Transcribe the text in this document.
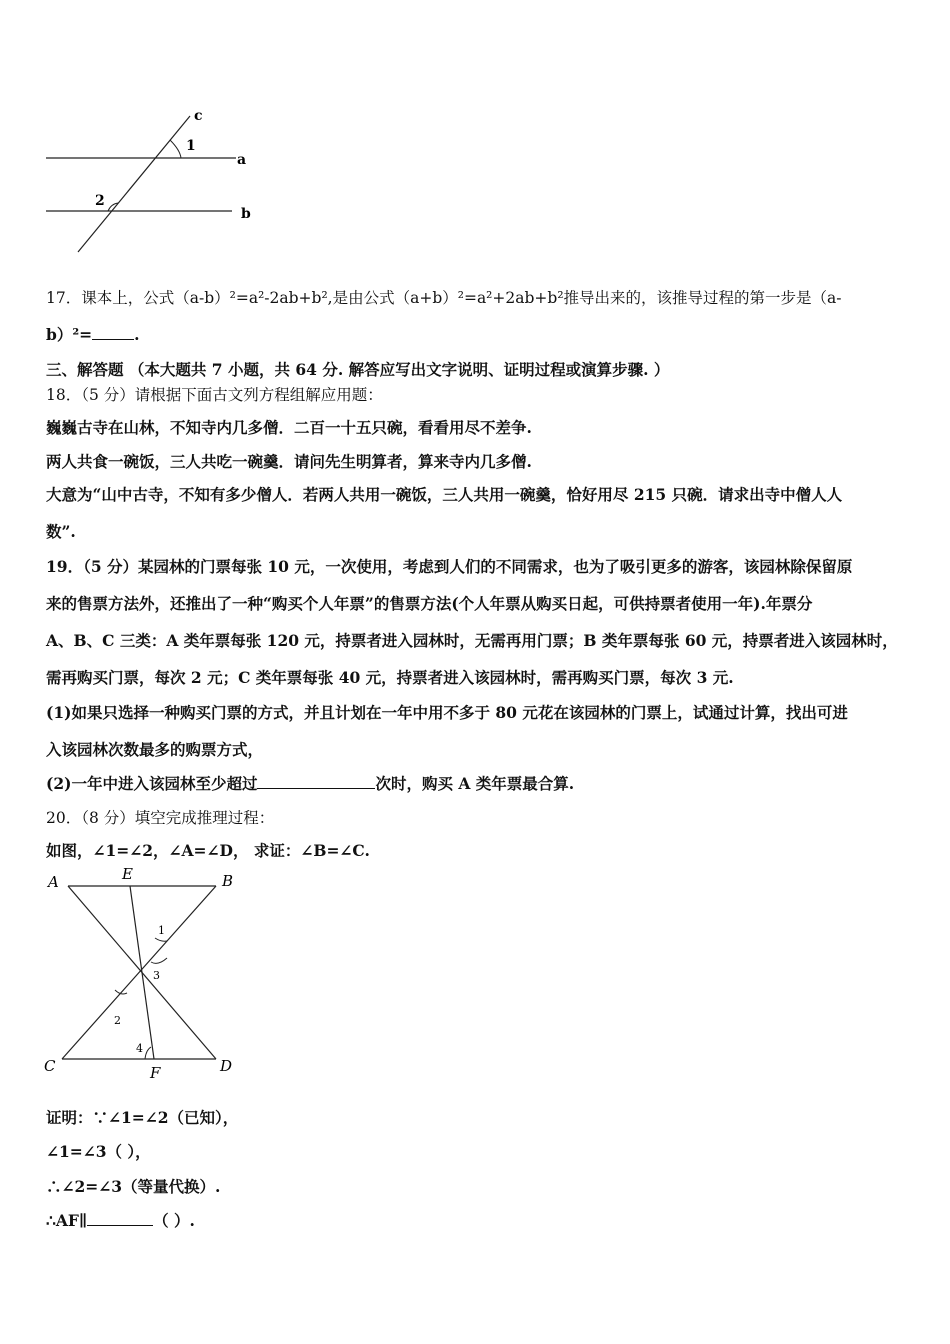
c
1
a
2
b
17．课本上，公式（a-b）²=a²-2ab+b²,是由公式（a+b）²=a²+2ab+b²推导出来的，该推导过程的第一步是（a-
b）²=	.
三、解答题 （本大题共 7 小题，共 64 分. 解答应写出文字说明、证明过程或演算步骤. ）
18．（5 分）请根据下面古文列方程组解应用题：
巍巍古寺在山林，不知寺内几多僧．二百一十五只碗，看看用尽不差争.
两人共食一碗饭，三人共吃一碗羹．请问先生明算者，算来寺内几多僧.
大意为“山中古寺，不知有多少僧人．若两人共用一碗饭，三人共用一碗羹，恰好用尽 215 只碗．请求出寺中僧人人
数”.
19．（5 分）某园林的门票每张 10 元，一次使用，考虑到人们的不同需求，也为了吸引更多的游客，该园林除保留原
来的售票方法外，还推出了一种“购买个人年票”的售票方法(个人年票从购买日起，可供持票者使用一年).年票分
A、B、C 三类：A 类年票每张 120 元，持票者进入园林时，无需再用门票；B 类年票每张 60 元，持票者进入该园林时，
需再购买门票，每次 2 元；C 类年票每张 40 元，持票者进入该园林时，需再购买门票，每次 3 元.
(1)如果只选择一种购买门票的方式，并且计划在一年中用不多于 80 元花在该园林的门票上，试通过计算，找出可进
入该园林次数最多的购票方式，
(2)一年中进入该园林至少超过	次时，购买 A 类年票最合算.
20．（8 分）填空完成推理过程：
如图，∠1=∠2，∠A=∠D， 求证：∠B=∠C.
A	E	B
1
3
2
4
C	F	D
证明：∵∠1=∠2（已知），
∠1=∠3（ ），
∴∠2=∠3（等量代换）.
∴AF∥	（ ）.
